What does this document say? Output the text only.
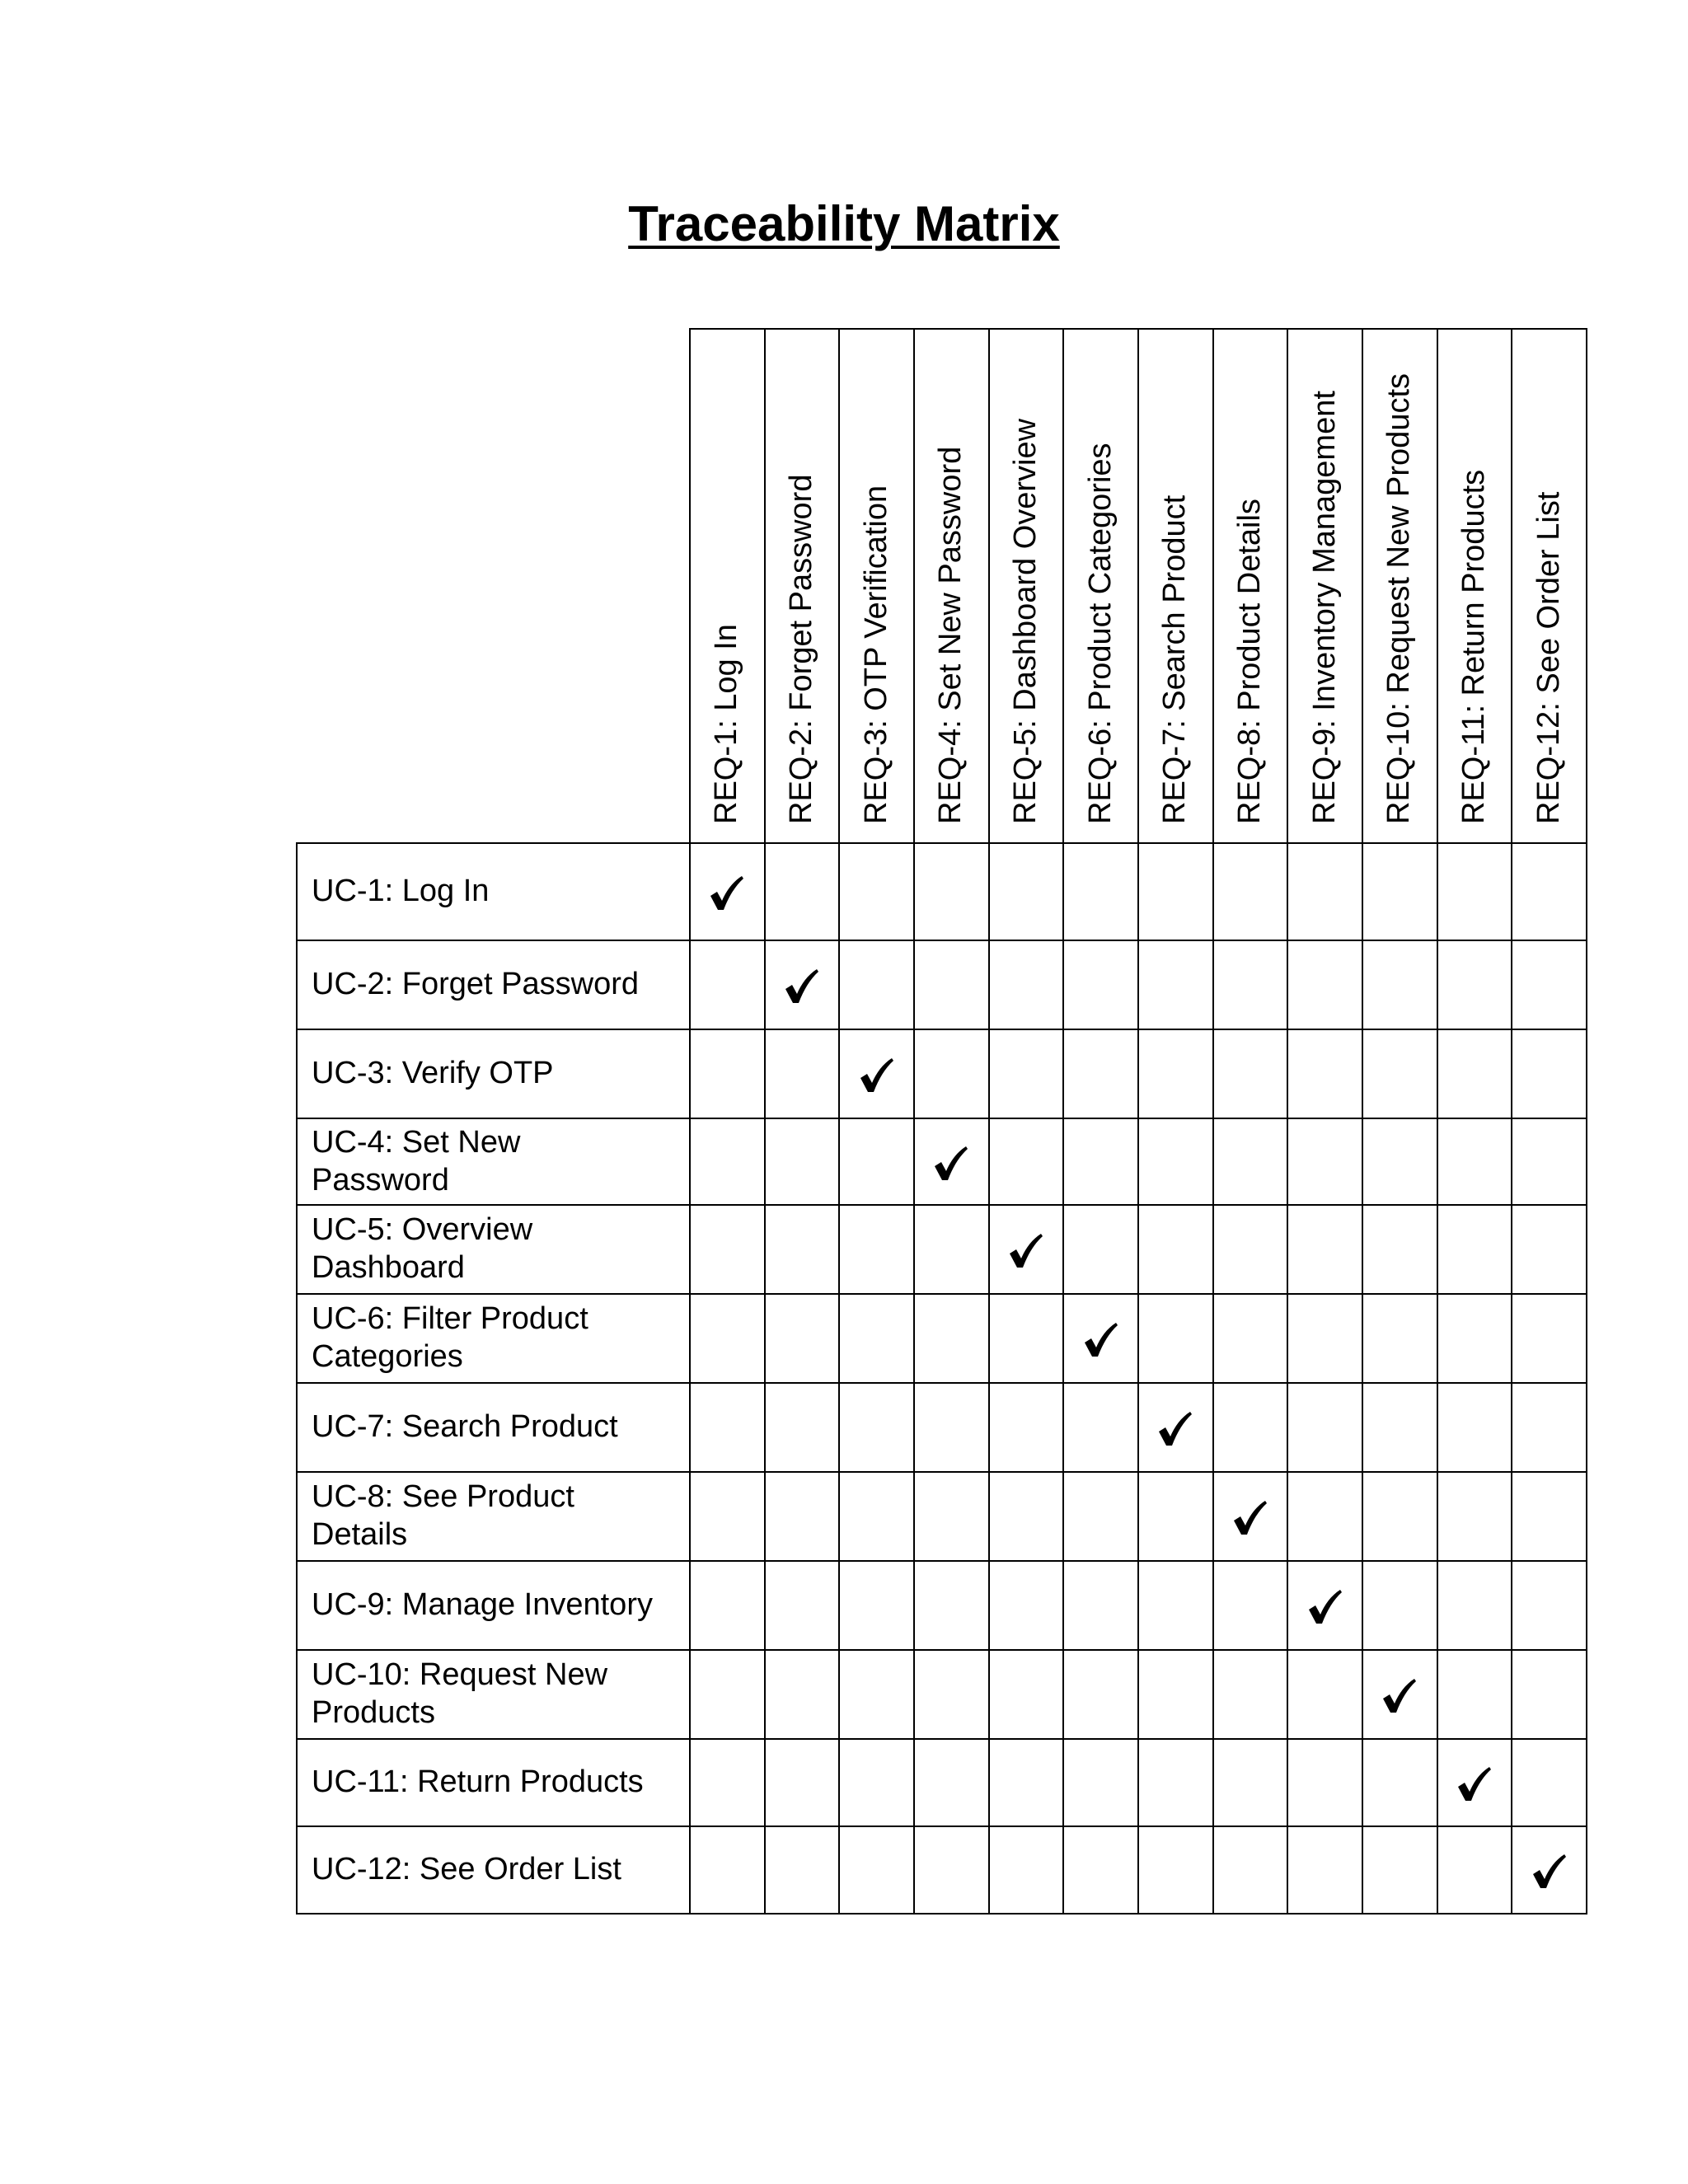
Traceability Matrix
REQ-1: Log In REQ-2: Forget Password REQ-3: OTP Verification REQ-4: Set New Password REQ-5: Dashboard Overview REQ-6: Product Categories REQ-7: Search Product REQ-8: Product Details REQ-9: Inventory Management REQ-10: Request New Products REQ-11: Return Products REQ-12: See Order List
UC-1: Log In
UC-2: Forget Password
UC-3: Verify OTP
UC-4: Set New
Password
UC-5: Overview
Dashboard
UC-6: Filter Product
Categories
UC-7: Search Product
UC-8: See Product
Details
UC-9: Manage Inventory
UC-10: Request New
Products
UC-11: Return Products
UC-12: See Order List
